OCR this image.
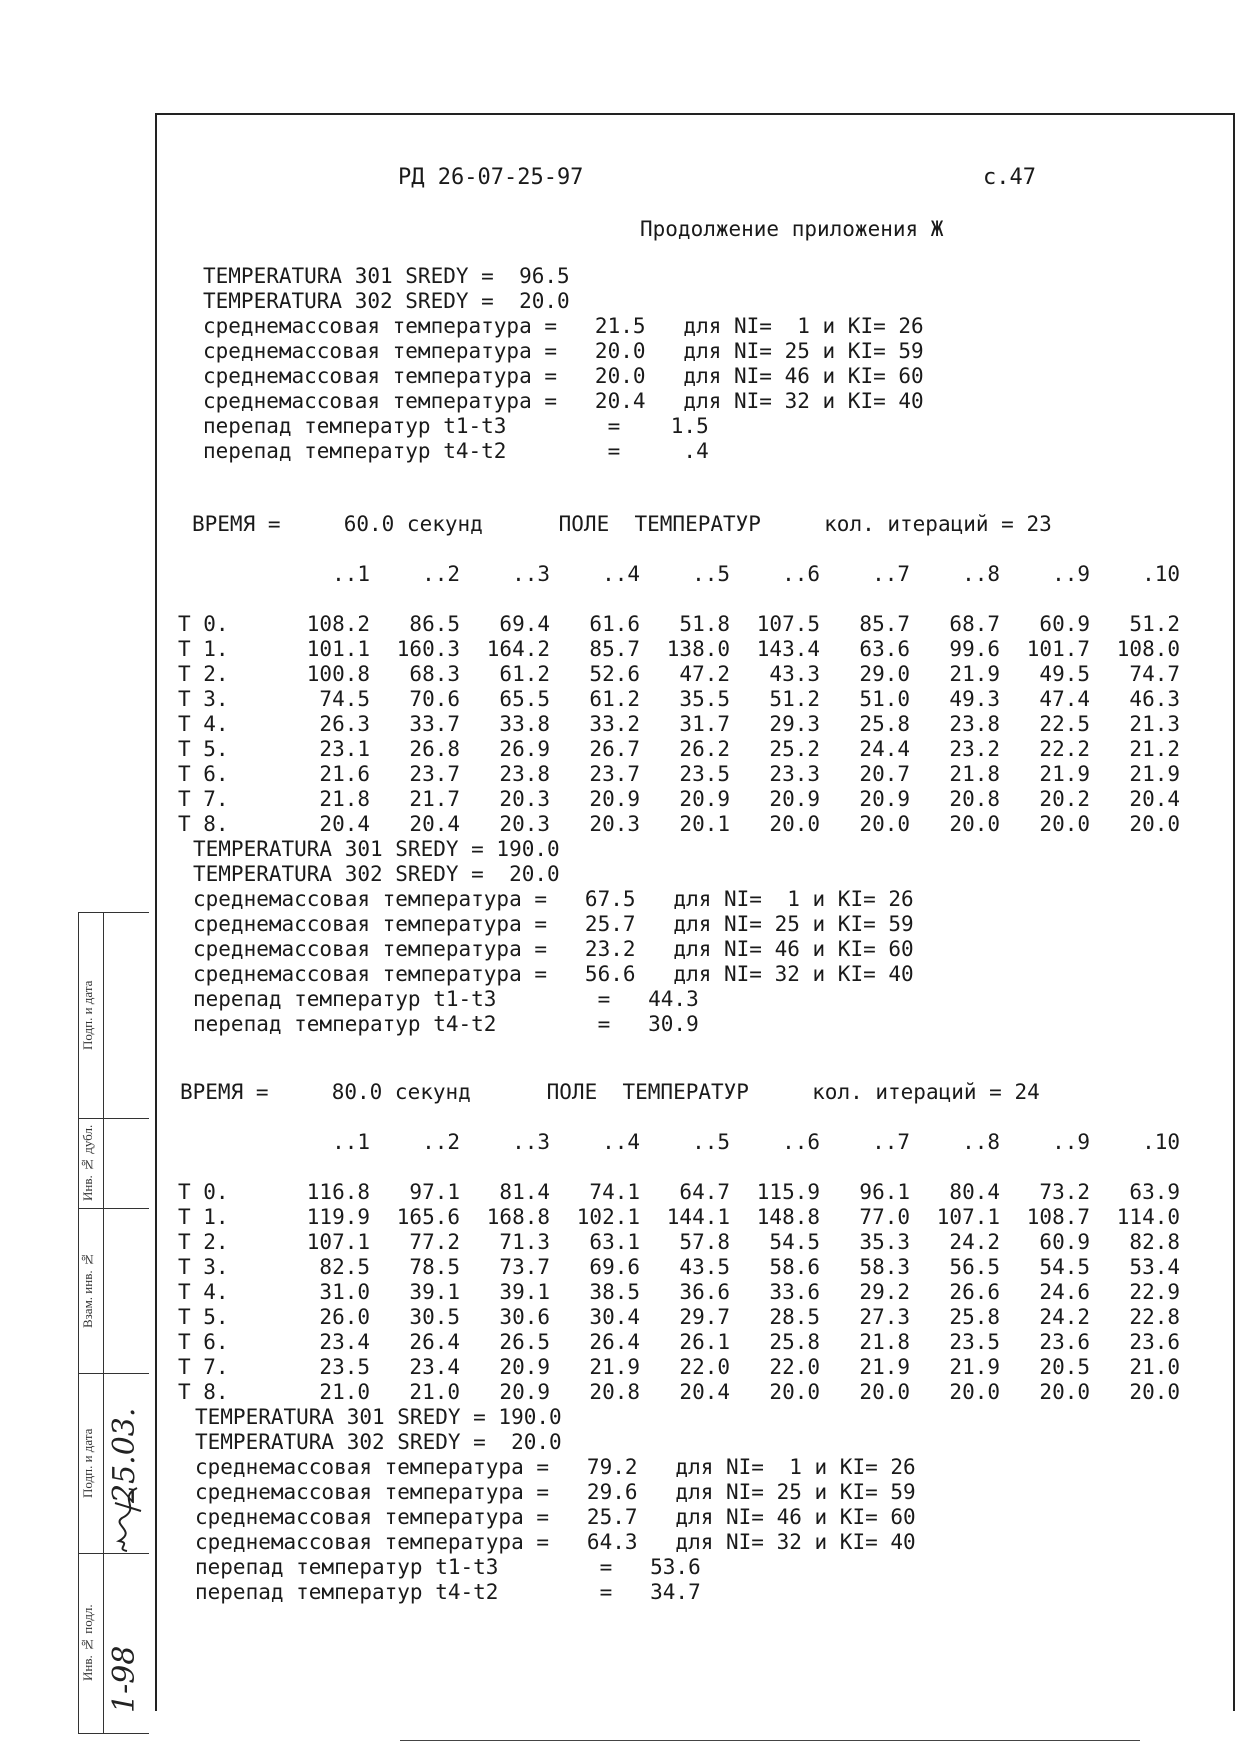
РД 26-07-25-97	с.47
Продолжение приложения Ж
TEMPERATURA 301 SREDY =  96.5
TEMPERATURA 302 SREDY =  20.0
среднемассовая температура =   21.5   для NI=  1 и KI= 26
среднемассовая температура =   20.0   для NI= 25 и KI= 59
среднемассовая температура =   20.0   для NI= 46 и KI= 60
среднемассовая температура =   20.4   для NI= 32 и KI= 40
перепад температур t1-t3        =    1.5
перепад температур t4-t2        =     .4
ВРЕМЯ =     60.0 секунд      ПОЛЕ  ТЕМПЕРАТУР     кол. итераций = 23
..1	..2	..3	..4	..5	..6	..7	..8	..9	.10
T 0.	108.2	86.5	69.4	61.6	51.8	107.5	85.7	68.7	60.9	51.2
T 1.	101.1	160.3	164.2	85.7	138.0	143.4	63.6	99.6	101.7	108.0
T 2.	100.8	68.3	61.2	52.6	47.2	43.3	29.0	21.9	49.5	74.7
T 3.	74.5	70.6	65.5	61.2	35.5	51.2	51.0	49.3	47.4	46.3
T 4.	26.3	33.7	33.8	33.2	31.7	29.3	25.8	23.8	22.5	21.3
T 5.	23.1	26.8	26.9	26.7	26.2	25.2	24.4	23.2	22.2	21.2
T 6.	21.6	23.7	23.8	23.7	23.5	23.3	20.7	21.8	21.9	21.9
T 7.	21.8	21.7	20.3	20.9	20.9	20.9	20.9	20.8	20.2	20.4
T 8.	20.4	20.4	20.3	20.3	20.1	20.0	20.0	20.0	20.0	20.0
TEMPERATURA 301 SREDY = 190.0
TEMPERATURA 302 SREDY =  20.0
среднемассовая температура =   67.5   для NI=  1 и KI= 26
среднемассовая температура =   25.7   для NI= 25 и KI= 59
среднемассовая температура =   23.2   для NI= 46 и KI= 60
среднемассовая температура =   56.6   для NI= 32 и KI= 40
перепад температур t1-t3        =   44.3
перепад температур t4-t2        =   30.9
ВРЕМЯ =     80.0 секунд      ПОЛЕ  ТЕМПЕРАТУР     кол. итераций = 24
..1	..2	..3	..4	..5	..6	..7	..8	..9	.10
T 0.	116.8	97.1	81.4	74.1	64.7	115.9	96.1	80.4	73.2	63.9
T 1.	119.9	165.6	168.8	102.1	144.1	148.8	77.0	107.1	108.7	114.0
T 2.	107.1	77.2	71.3	63.1	57.8	54.5	35.3	24.2	60.9	82.8
T 3.	82.5	78.5	73.7	69.6	43.5	58.6	58.3	56.5	54.5	53.4
T 4.	31.0	39.1	39.1	38.5	36.6	33.6	29.2	26.6	24.6	22.9
T 5.	26.0	30.5	30.6	30.4	29.7	28.5	27.3	25.8	24.2	22.8
T 6.	23.4	26.4	26.5	26.4	26.1	25.8	21.8	23.5	23.6	23.6
T 7.	23.5	23.4	20.9	21.9	22.0	22.0	21.9	21.9	20.5	21.0
T 8.	21.0	21.0	20.9	20.8	20.4	20.0	20.0	20.0	20.0	20.0
TEMPERATURA 301 SREDY = 190.0
TEMPERATURA 302 SREDY =  20.0
среднемассовая температура =   79.2   для NI=  1 и KI= 26
среднемассовая температура =   29.6   для NI= 25 и KI= 59
среднемассовая температура =   25.7   для NI= 46 и KI= 60
среднемассовая температура =   64.3   для NI= 32 и KI= 40
перепад температур t1-t3        =   53.6
перепад температур t4-t2        =   34.7
Подп. и дата
Инв. № дубл.
Взам. инв. №
Подп. и дата
Инв. № подл.
25.03.
1-98
